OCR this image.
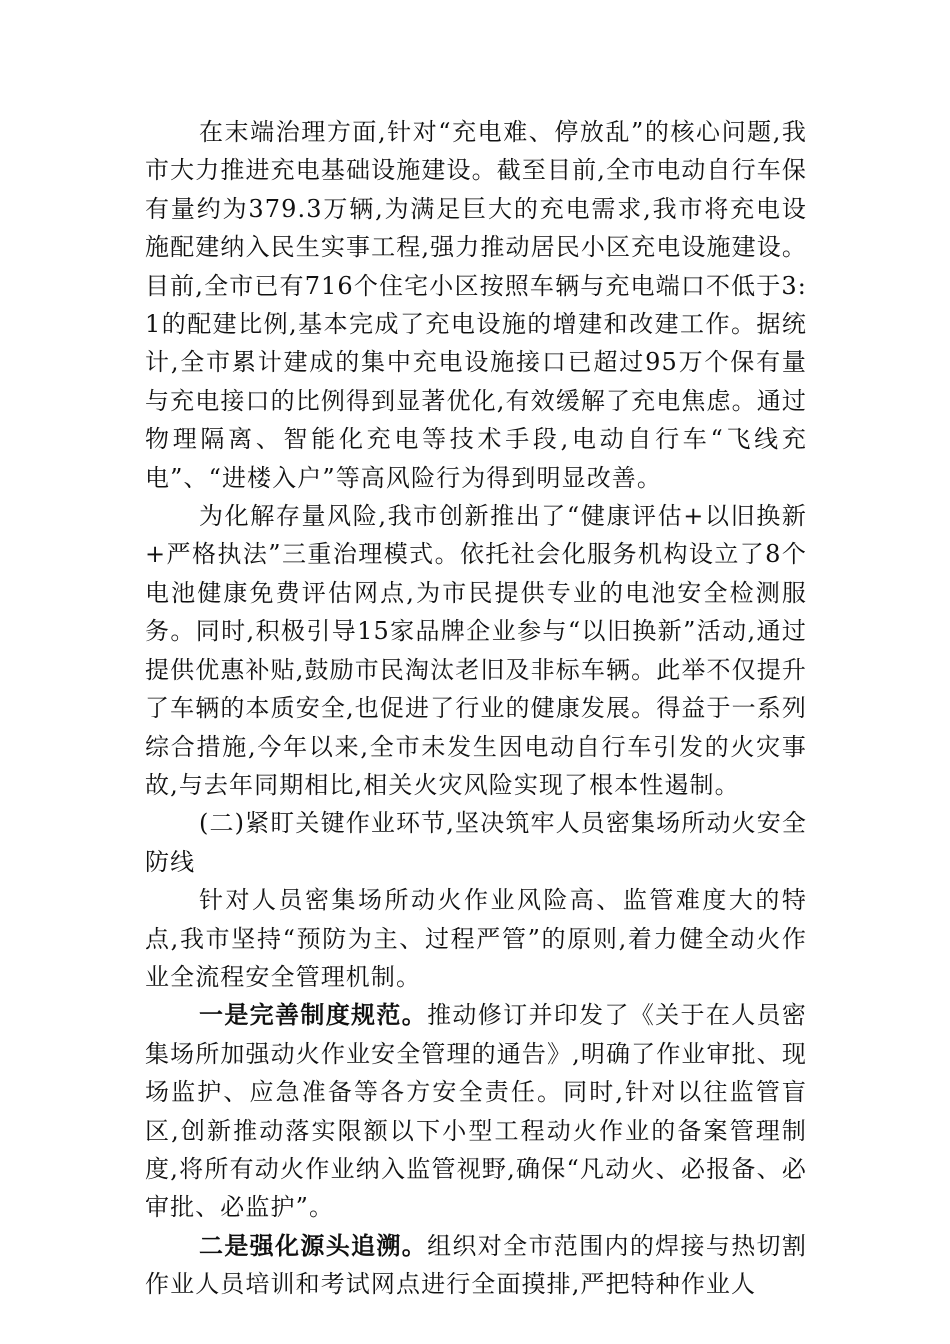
在末端治理方面,针对“充电难、停放乱”的核心问题,我市大力推进充电基础设施建设。截至目前,全市电动自行车保有量约为379.3万辆,为满足巨大的充电需求,我市将充电设施配建纳入民生实事工程,强力推动居民小区充电设施建设。目前,全市已有716个住宅小区按照车辆与充电端口不低于3:1的配建比例,基本完成了充电设施的增建和改建工作。据统计,全市累计建成的集中充电设施接口已超过95万个保有量与充电接口的比例得到显著优化,有效缓解了充电焦虑。通过物理隔离、智能化充电等技术手段,电动自行车“飞线充电”、“进楼入户”等高风险行为得到明显改善。

为化解存量风险,我市创新推出了“健康评估+以旧换新+严格执法”三重治理模式。依托社会化服务机构设立了8个电池健康免费评估网点,为市民提供专业的电池安全检测服务。同时,积极引导15家品牌企业参与“以旧换新”活动,通过提供优惠补贴,鼓励市民淘汰老旧及非标车辆。此举不仅提升了车辆的本质安全,也促进了行业的健康发展。得益于一系列综合措施,今年以来,全市未发生因电动自行车引发的火灾事故,与去年同期相比,相关火灾风险实现了根本性遏制。

(二)紧盯关键作业环节,坚决筑牢人员密集场所动火安全防线

针对人员密集场所动火作业风险高、监管难度大的特点,我市坚持“预防为主、过程严管”的原则,着力健全动火作业全流程安全管理机制。

一是完善制度规范。推动修订并印发了《关于在人员密集场所加强动火作业安全管理的通告》,明确了作业审批、现场监护、应急准备等各方安全责任。同时,针对以往监管盲区,创新推动落实限额以下小型工程动火作业的备案管理制度,将所有动火作业纳入监管视野,确保“凡动火、必报备、必审批、必监护”。

二是强化源头追溯。组织对全市范围内的焊接与热切割作业人员培训和考试网点进行全面摸排,严把特种作业人
